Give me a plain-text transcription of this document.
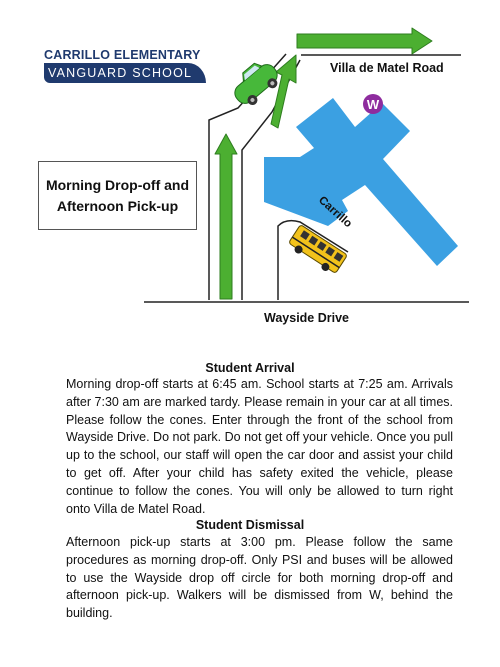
Carrillo
W
CARRILLO ELEMENTARY
VANGUARD SCHOOL
Morning Drop-off and Afternoon Pick-up
Villa de Matel Road
Wayside Drive
Student Arrival

Morning drop-off starts at 6:45 am. School starts at 7:25 am. Arrivals after 7:30 am are marked tardy. Please remain in your car at all times. Please follow the cones. Enter through the front of the school from Wayside Drive. Do not park. Do not get off your vehicle. Once you pull up to the school, our staff will open the car door and assist your child to get off. After your child has safety exited the vehicle, please continue to follow the cones. You will only be allowed to turn right onto Villa de Matel Road.

Student Dismissal

Afternoon pick-up starts at 3:00 pm. Please follow the same procedures as morning drop-off. Only PSI and buses will be allowed to use the Wayside drop off circle for both morning drop-off and afternoon pick-up. Walkers will be dismissed from W, behind the building.
